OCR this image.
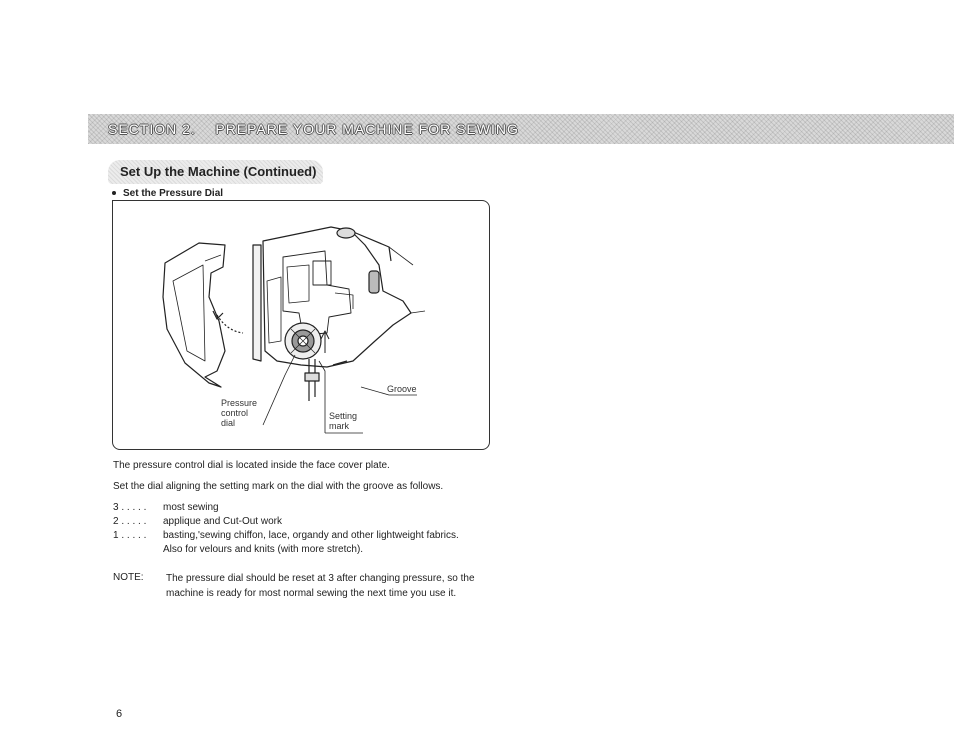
SECTION 2.    PREPARE YOUR MACHINE FOR SEWING
Set Up the Machine (Continued)
Set the Pressure Dial
Pressure
control
dial
Setting
mark
Groove
The pressure control dial is located inside the face cover plate.
Set the dial aligning the setting mark on the dial with the groove as follows.
3 . . . . . most sewing
2 . . . . . applique and Cut-Out work
1 . . . . . basting,'sewing chiffon, lace, organdy and other lightweight fabrics.
Also for velours and knits (with more stretch).
NOTE: The pressure dial should be reset at 3 after changing pressure, so the machine is ready for most normal sewing the next time you use it.
6
